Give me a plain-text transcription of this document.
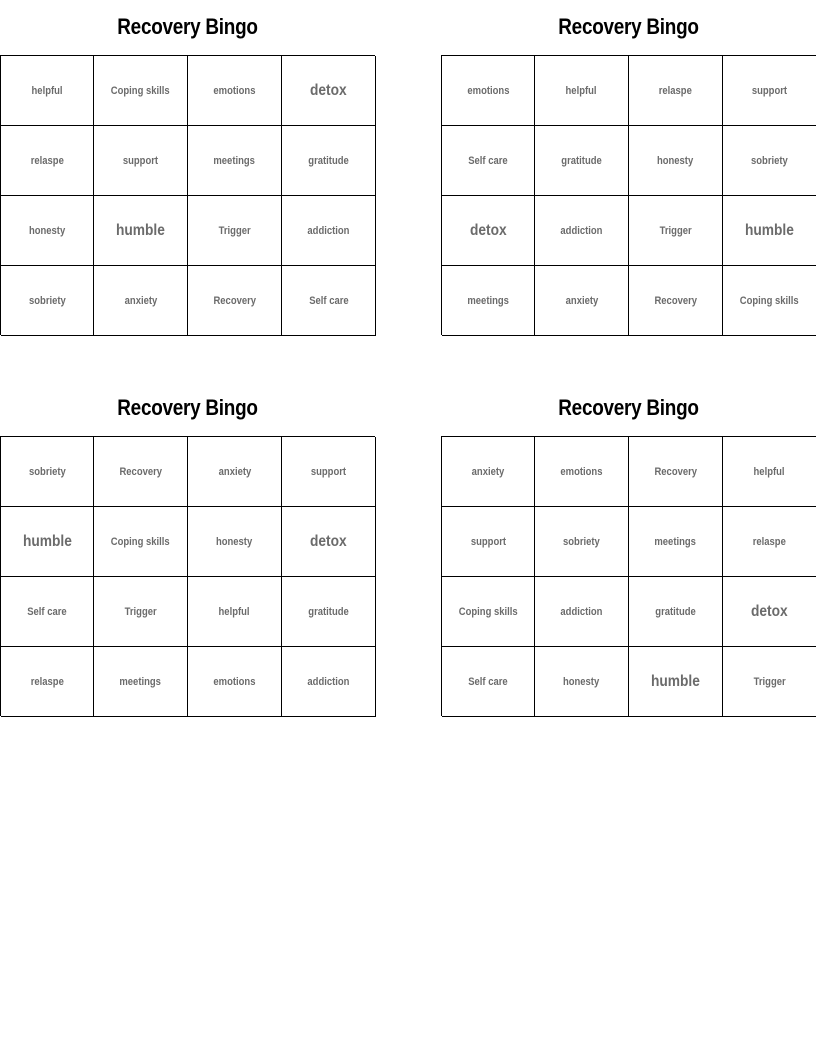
Recovery Bingo
helpful	Coping skills	emotions	detox
relaspe	support	meetings	gratitude
honesty	humble	Trigger	addiction
sobriety	anxiety	Recovery	Self care
Recovery Bingo
emotions	helpful	relaspe	support
Self care	gratitude	honesty	sobriety
detox	addiction	Trigger	humble
meetings	anxiety	Recovery	Coping skills
Recovery Bingo
sobriety	Recovery	anxiety	support
humble	Coping skills	honesty	detox
Self care	Trigger	helpful	gratitude
relaspe	meetings	emotions	addiction
Recovery Bingo
anxiety	emotions	Recovery	helpful
support	sobriety	meetings	relaspe
Coping skills	addiction	gratitude	detox
Self care	honesty	humble	Trigger
